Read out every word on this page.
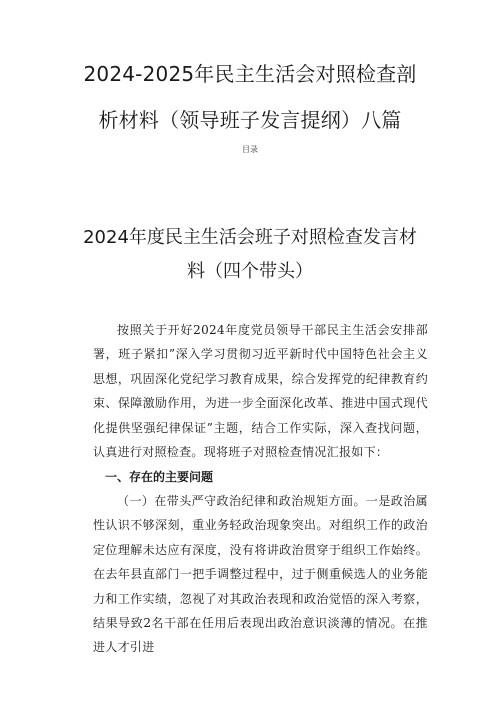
2024-2025年民主生活会对照检查剖
析材料（领导班子发言提纲）八篇
目录
2024年度民主生活会班子对照检查发言材
料（四个带头）

按照关于开好2024年度党员领导干部民主生活会安排部署，班子紧扣”深入学习贯彻习近平新时代中国特色社会主义思想，巩固深化党纪学习教育成果，综合发挥党的纪律教育约束、保障激励作用，为进一步全面深化改革、推进中国式现代化提供坚强纪律保证”主题，结合工作实际，深入查找问题，认真进行对照检查。现将班子对照检查情况汇报如下：

一、存在的主要问题

（一）在带头严守政治纪律和政治规矩方面。一是政治属性认识不够深刻，重业务轻政治现象突出。对组织工作的政治定位理解未达应有深度，没有将讲政治贯穿于组织工作始终。在去年县直部门一把手调整过程中，过于侧重候选人的业务能力和工作实绩，忽视了对其政治表现和政治觉悟的深入考察，结果导致2名干部在任用后表现出政治意识淡薄的情况。在推进人才引进
